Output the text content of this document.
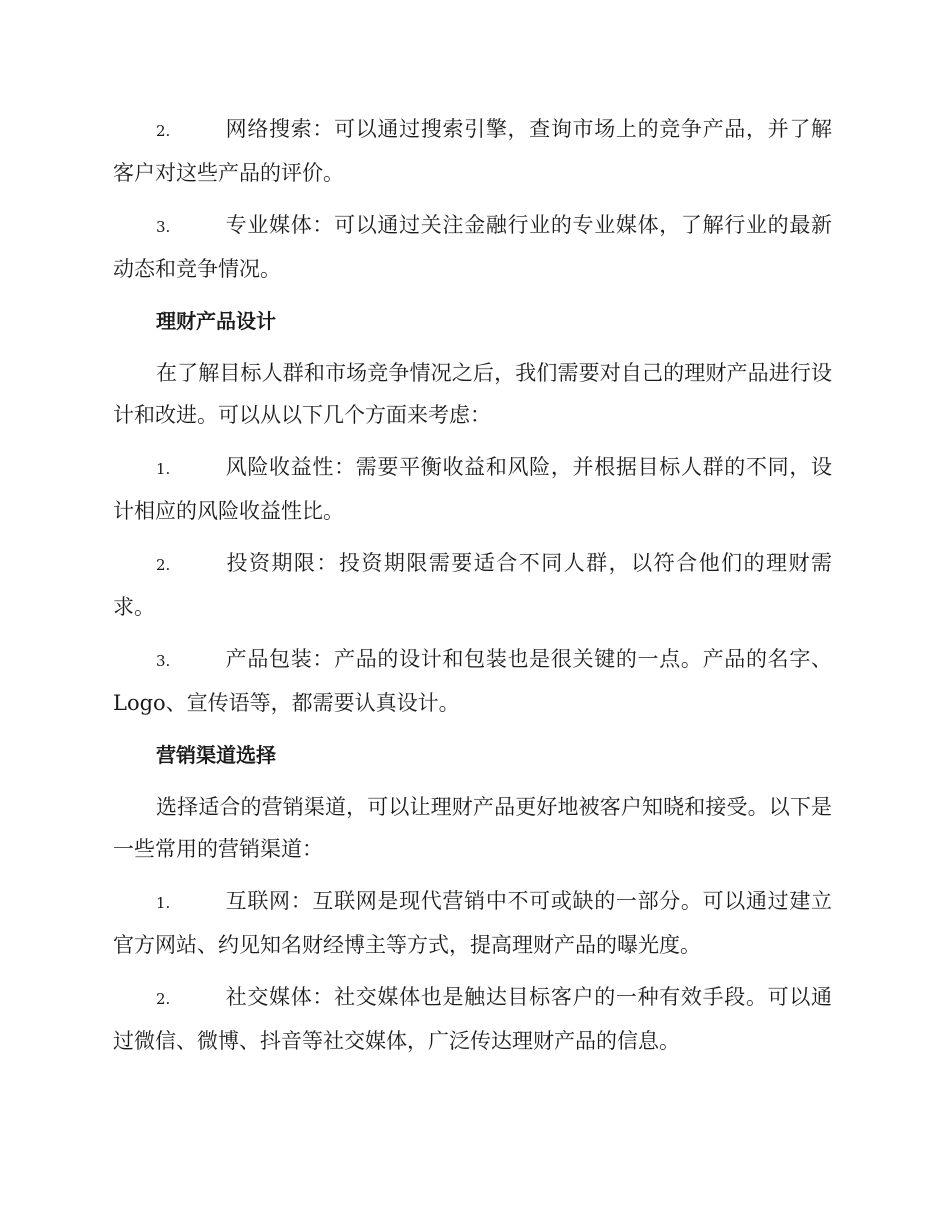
2.	网络搜索：可以通过搜索引擎，查询市场上的竞争产品，并了解客户对这些产品的评价。

3.	专业媒体：可以通过关注金融行业的专业媒体，了解行业的最新动态和竞争情况。

理财产品设计

在了解目标人群和市场竞争情况之后，我们需要对自己的理财产品进行设计和改进。可以从以下几个方面来考虑：

1.	风险收益性：需要平衡收益和风险，并根据目标人群的不同，设计相应的风险收益性比。

2.	投资期限：投资期限需要适合不同人群，以符合他们的理财需求。

3.	产品包装：产品的设计和包装也是很关键的一点。产品的名字、Logo、宣传语等，都需要认真设计。

营销渠道选择

选择适合的营销渠道，可以让理财产品更好地被客户知晓和接受。以下是一些常用的营销渠道：

1.	互联网：互联网是现代营销中不可或缺的一部分。可以通过建立官方网站、约见知名财经博主等方式，提高理财产品的曝光度。

2.	社交媒体：社交媒体也是触达目标客户的一种有效手段。可以通过微信、微博、抖音等社交媒体，广泛传达理财产品的信息。
